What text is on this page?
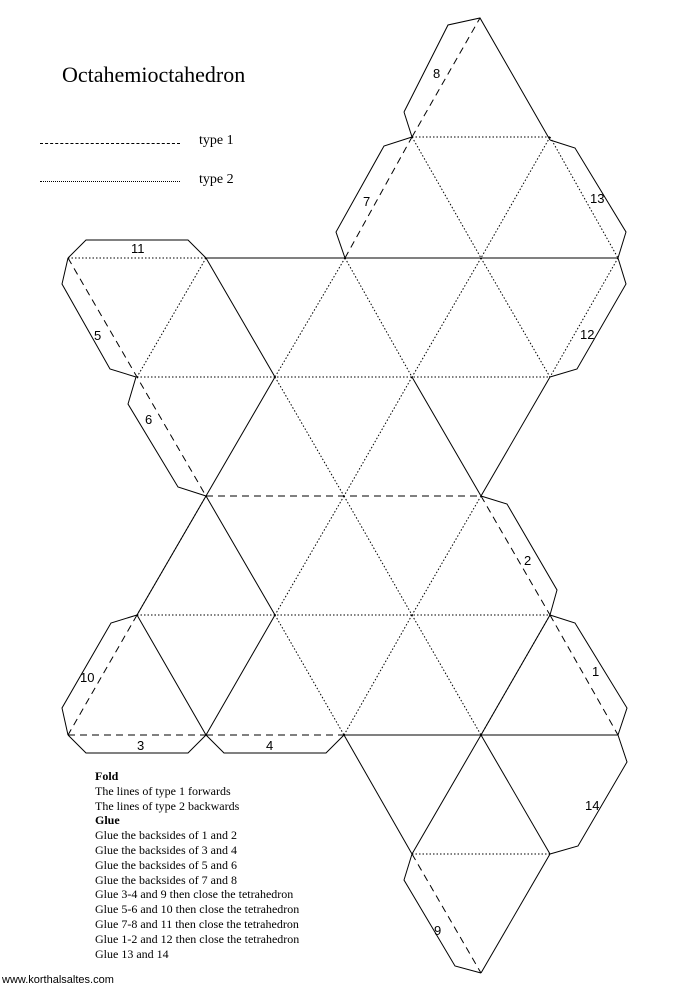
1
2
3	4
5
6
7
8
9
10
11
12
13
14
Octahemioctahedron
type 1
type 2
Fold
The lines of type 1 forwards
The lines of type 2 backwards
Glue
Glue the backsides of 1 and 2
Glue the backsides of 3 and 4
Glue the backsides of 5 and 6
Glue the backsides of 7 and 8
Glue 3-4 and 9 then close the tetrahedron
Glue 5-6 and 10 then close the tetrahedron
Glue 7-8 and 11 then close the tetrahedron
Glue 1-2 and 12 then close the tetrahedron
Glue 13 and 14
www.korthalsaltes.com
